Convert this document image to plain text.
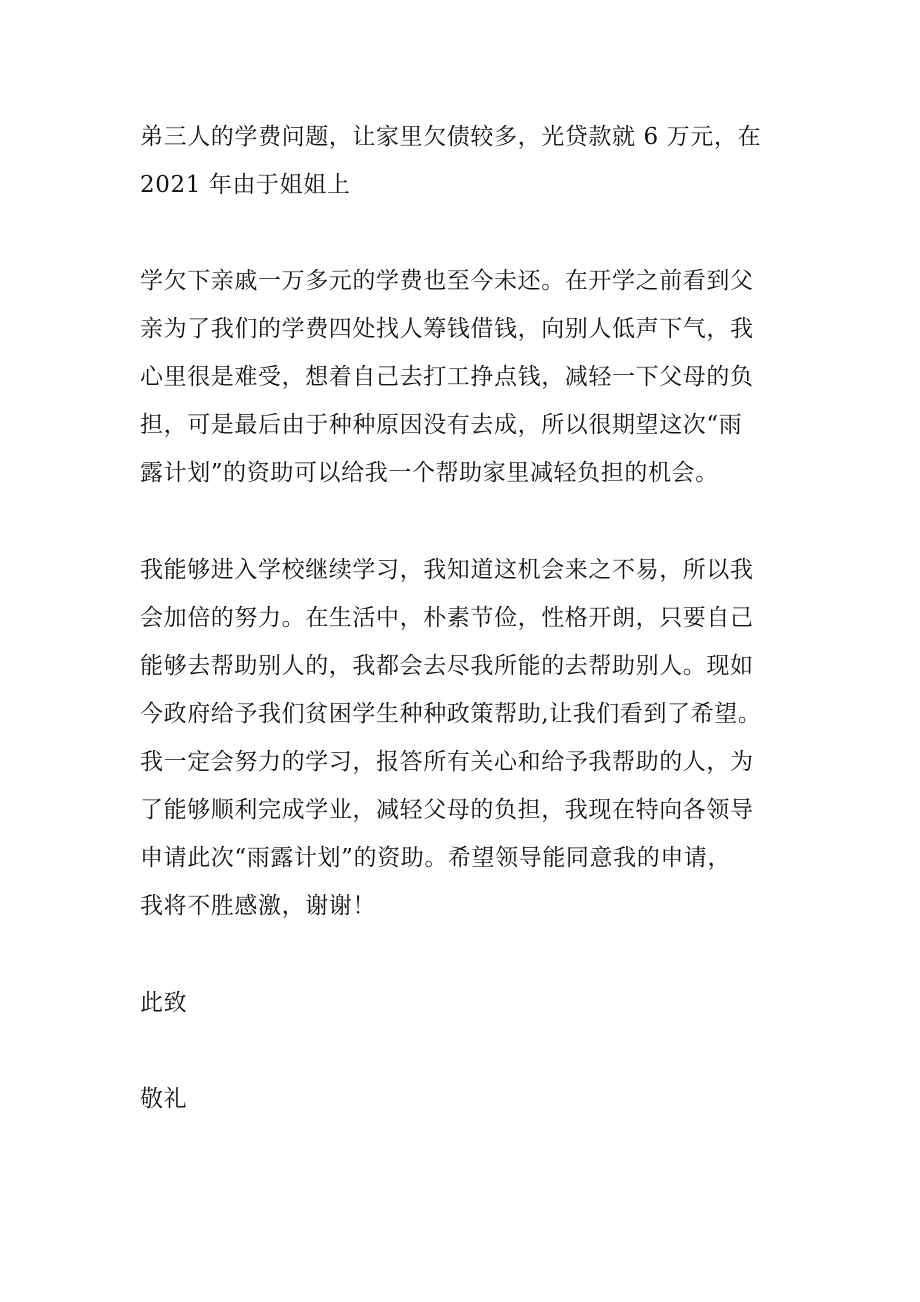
弟三人的学费问题，让家里欠债较多，光贷款就 6 万元，在
2021 年由于姐姐上
学欠下亲戚一万多元的学费也至今未还。在开学之前看到父
亲为了我们的学费四处找人筹钱借钱，向别人低声下气，我
心里很是难受，想着自己去打工挣点钱，减轻一下父母的负
担，可是最后由于种种原因没有去成，所以很期望这次“雨
露计划”的资助可以给我一个帮助家里减轻负担的机会。
我能够进入学校继续学习，我知道这机会来之不易，所以我
会加倍的努力。在生活中，朴素节俭，性格开朗，只要自己
能够去帮助别人的，我都会去尽我所能的去帮助别人。现如
今政府给予我们贫困学生种种政策帮助,让我们看到了希望。
我一定会努力的学习，报答所有关心和给予我帮助的人，为
了能够顺利完成学业，减轻父母的负担，我现在特向各领导
申请此次“雨露计划”的资助。希望领导能同意我的申请，
我将不胜感激，谢谢！
此致
敬礼
